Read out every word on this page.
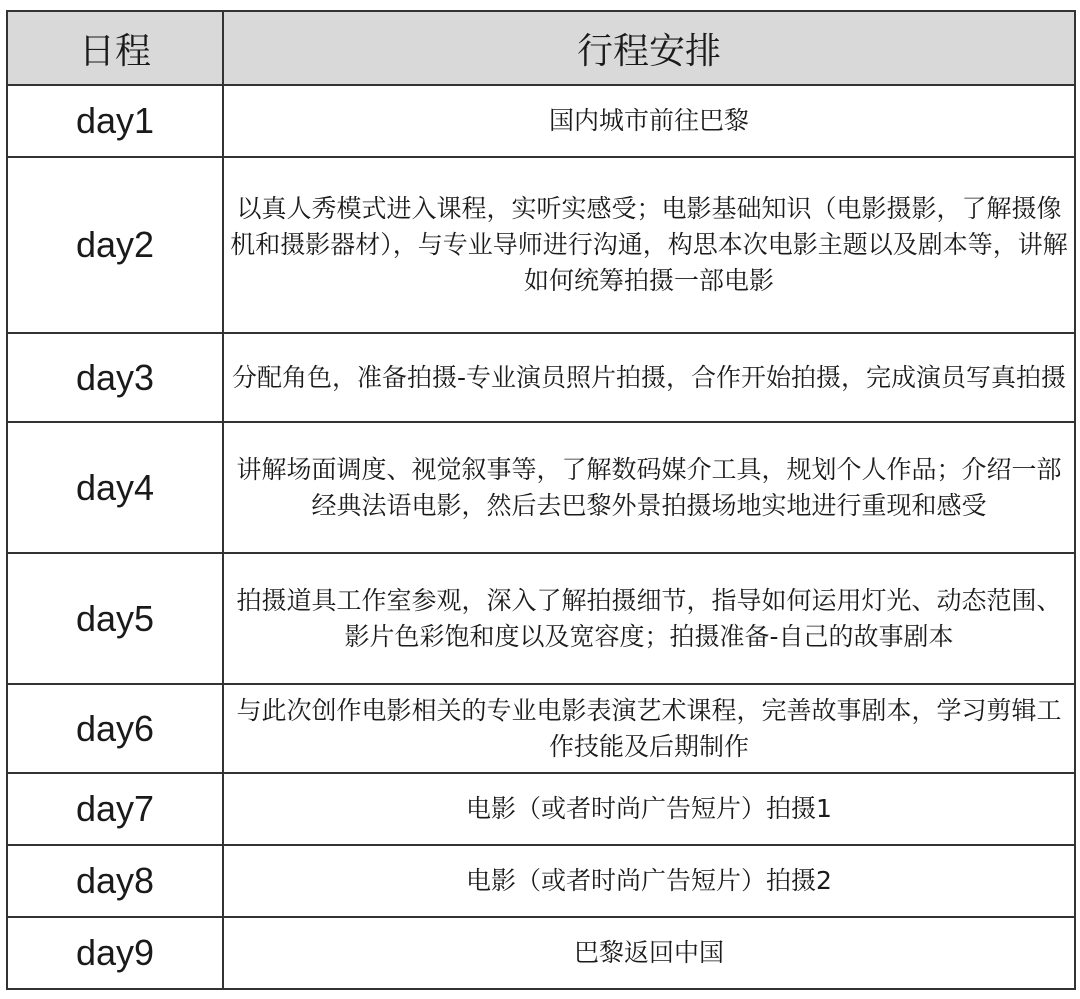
日程	行程安排
day1	国内城市前往巴黎

day2	以真人秀模式进入课程，实听实感受；电影基础知识（电影摄影，了解摄像机和摄影器材），与专业导师进行沟通，构思本次电影主题以及剧本等，讲解如何统筹拍摄一部电影

day3	分配角色，准备拍摄-专业演员照片拍摄，合作开始拍摄，完成演员写真拍摄

day4	讲解场面调度、视觉叙事等，了解数码媒介工具，规划个人作品；介绍一部经典法语电影，然后去巴黎外景拍摄场地实地进行重现和感受

day5	拍摄道具工作室参观，深入了解拍摄细节，指导如何运用灯光、动态范围、影片色彩饱和度以及宽容度；拍摄准备-自己的故事剧本

day6	与此次创作电影相关的专业电影表演艺术课程，完善故事剧本，学习剪辑工作技能及后期制作

day7	电影（或者时尚广告短片）拍摄1

day8	电影（或者时尚广告短片）拍摄2

day9	巴黎返回中国
